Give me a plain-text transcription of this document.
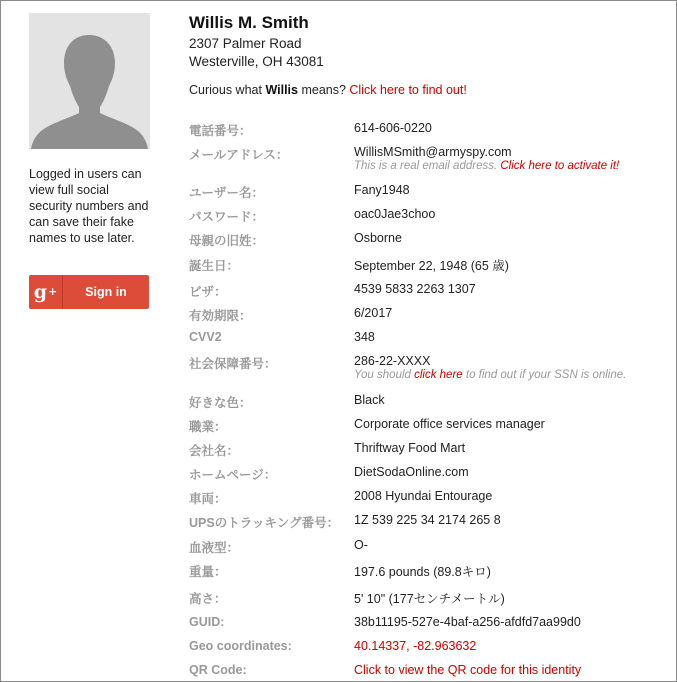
Logged in users can view full social security numbers and can save their fake names to use later.
g+	Sign in
Willis M. Smith
2307 Palmer Road
Westerville, OH 43081
Curious what Willis means? Click here to find out!
電話番号：	614-606-0220
メールアドレス：	WillisMSmith@armyspy.com
This is a real email address. Click here to activate it!
ユーザー名：	Fany1948
パスワード：	oac0Jae3choo
母親の旧姓：	Osborne
誕生日：	September 22, 1948 (65 歳)
ビザ：	4539 5833 2263 1307
有効期限：	6/2017
CVV2	348
社会保障番号：	286-22-XXXX
You should click here to find out if your SSN is online.
好きな色：	Black
職業：	Corporate office services manager
会社名：	Thriftway Food Mart
ホームページ：	DietSodaOnline.com
車両：	2008 Hyundai Entourage
UPSのトラッキング番号： 1Z 539 225 34 2174 265 8
血液型：	O-
重量：	197.6 pounds (89.8キロ)
高さ：	5' 10" (177センチメートル)
GUID:	38b11195-527e-4baf-a256-afdfd7aa99d0
Geo coordinates:	40.14337, -82.963632
QR Code:	Click to view the QR code for this identity
